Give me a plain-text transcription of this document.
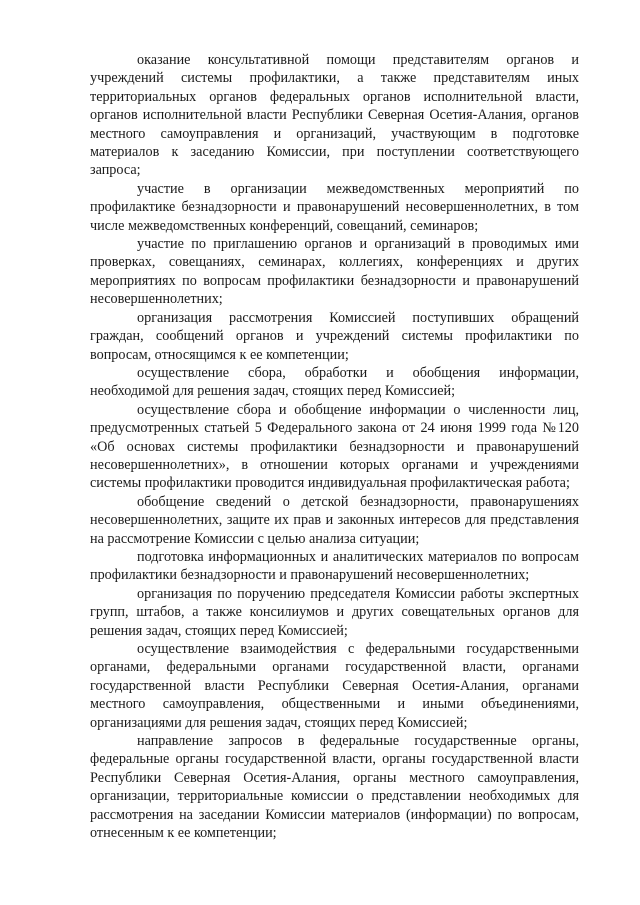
оказание консультативной помощи представителям органов и учреждений системы профилактики, а также представителям иных территориальных органов федеральных органов исполнительной власти, органов исполнительной власти Республики Северная Осетия-Алания, органов местного самоуправления и организаций, участвующим в подготовке материалов к заседанию Комиссии, при поступлении соответствующего запроса;

участие в организации межведомственных мероприятий по профилактике безнадзорности и правонарушений несовершеннолетних, в том числе межведомственных конференций, совещаний, семинаров;

участие по приглашению органов и организаций в проводимых ими проверках, совещаниях, семинарах, коллегиях, конференциях и других мероприятиях по вопросам профилактики безнадзорности и правонарушений несовершеннолетних;

организация рассмотрения Комиссией поступивших обращений граждан, сообщений органов и учреждений системы профилактики по вопросам, относящимся к ее компетенции;

осуществление сбора, обработки и обобщения информации, необходимой для решения задач, стоящих перед Комиссией;

осуществление сбора и обобщение информации о численности лиц, предусмотренных статьей 5 Федерального закона от 24 июня 1999 года №120 «Об основах системы профилактики безнадзорности и правонарушений несовершеннолетних», в отношении которых органами и учреждениями системы профилактики проводится индивидуальная профилактическая работа;

обобщение сведений о детской безнадзорности, правонарушениях несовершеннолетних, защите их прав и законных интересов для представления на рассмотрение Комиссии с целью анализа ситуации;

подготовка информационных и аналитических материалов по вопросам профилактики безнадзорности и правонарушений несовершеннолетних;

организация по поручению председателя Комиссии работы экспертных групп, штабов, а также консилиумов и других совещательных органов для решения задач, стоящих перед Комиссией;

осуществление взаимодействия с федеральными государственными органами, федеральными органами государственной власти, органами государственной власти Республики Северная Осетия-Алания, органами местного самоуправления, общественными и иными объединениями, организациями для решения задач, стоящих перед Комиссией;

направление запросов в федеральные государственные органы, федеральные органы государственной власти, органы государственной власти Республики Северная Осетия-Алания, органы местного самоуправления, организации, территориальные комиссии о представлении необходимых для рассмотрения на заседании Комиссии материалов (информации) по вопросам, отнесенным к ее компетенции;
